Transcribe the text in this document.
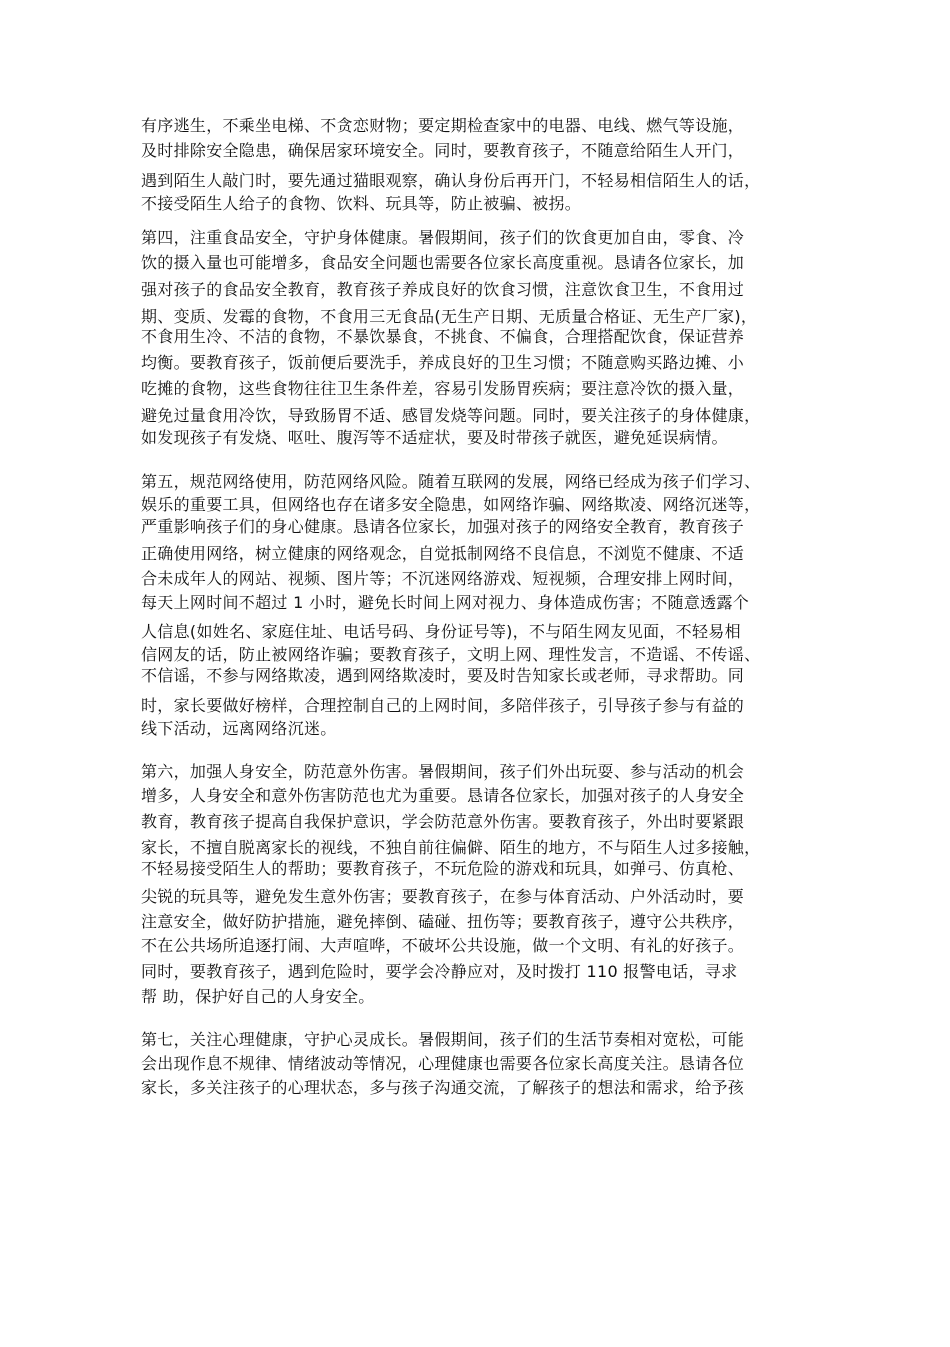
有序逃生，不乘坐电梯、不贪恋财物；要定期检查家中的电器、电线、燃气等设施，
及时排除安全隐患，确保居家环境安全。同时，要教育孩子，不随意给陌生人开门，
遇到陌生人敲门时，要先通过猫眼观察，确认身份后再开门，不轻易相信陌生人的话，
不接受陌生人给子的食物、饮料、玩具等，防止被骗、被拐。
第四，注重食品安全，守护身体健康。暑假期间，孩子们的饮食更加自由，零食、冷
饮的摄入量也可能增多，食品安全问题也需要各位家长高度重视。恳请各位家长，加
强对孩子的食品安全教育，教育孩子养成良好的饮食习惯，注意饮食卫生，不食用过
期、变质、发霉的食物，不食用三无食品(无生产日期、无质量合格证、无生产厂家)，
不食用生冷、不洁的食物，不暴饮暴食，不挑食、不偏食，合理搭配饮食，保证营养
均衡。要教育孩子，饭前便后要洗手，养成良好的卫生习惯；不随意购买路边摊、小
吃摊的食物，这些食物往往卫生条件差，容易引发肠胃疾病；要注意冷饮的摄入量，
避免过量食用冷饮，导致肠胃不适、感冒发烧等问题。同时，要关注孩子的身体健康，
如发现孩子有发烧、呕吐、腹泻等不适症状，要及时带孩子就医，避免延误病情。
第五，规范网络使用，防范网络风险。随着互联网的发展，网络已经成为孩子们学习、
娱乐的重要工具，但网络也存在诸多安全隐患，如网络诈骗、网络欺凌、网络沉迷等，
严重影响孩子们的身心健康。恳请各位家长，加强对孩子的网络安全教育，教育孩子
正确使用网络，树立健康的网络观念，自觉抵制网络不良信息，不浏览不健康、不适
合未成年人的网站、视频、图片等；不沉迷网络游戏、短视频，合理安排上网时间，
每天上网时间不超过 1 小时，避免长时间上网对视力、身体造成伤害；不随意透露个
人信息(如姓名、家庭住址、电话号码、身份证号等)，不与陌生网友见面，不轻易相
信网友的话，防止被网络诈骗；要教育孩子，文明上网、理性发言，不造谣、不传谣、
不信谣，不参与网络欺凌，遇到网络欺凌时，要及时告知家长或老师，寻求帮助。同
时，家长要做好榜样，合理控制自己的上网时间，多陪伴孩子，引导孩子参与有益的
线下活动，远离网络沉迷。
第六，加强人身安全，防范意外伤害。暑假期间，孩子们外出玩耍、参与活动的机会
增多，人身安全和意外伤害防范也尤为重要。恳请各位家长，加强对孩子的人身安全
教育，教育孩子提高自我保护意识，学会防范意外伤害。要教育孩子，外出时要紧跟
家长，不擅自脱离家长的视线，不独自前往偏僻、陌生的地方，不与陌生人过多接触，
不轻易接受陌生人的帮助；要教育孩子，不玩危险的游戏和玩具，如弹弓、仿真枪、
尖锐的玩具等，避免发生意外伤害；要教育孩子，在参与体育活动、户外活动时，要
注意安全，做好防护措施，避免摔倒、磕碰、扭伤等；要教育孩子，遵守公共秩序，
不在公共场所追逐打闹、大声喧哗，不破坏公共设施，做一个文明、有礼的好孩子。
同时，要教育孩子，遇到危险时，要学会冷静应对，及时拨打 110 报警电话，寻求
帮 助，保护好自己的人身安全。
第七，关注心理健康，守护心灵成长。暑假期间，孩子们的生活节奏相对宽松，可能
会出现作息不规律、情绪波动等情况，心理健康也需要各位家长高度关注。恳请各位
家长，多关注孩子的心理状态，多与孩子沟通交流，了解孩子的想法和需求，给予孩
